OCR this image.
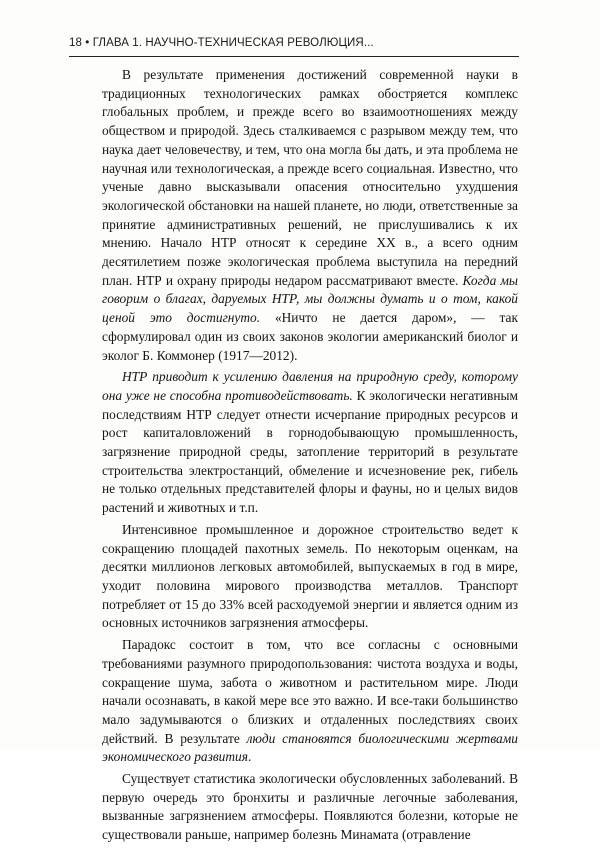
18 • ГЛАВА 1. НАУЧНО-ТЕХНИЧЕСКАЯ РЕВОЛЮЦИЯ...

В результате применения достижений современной науки в традиционных технологических рамках обостряется комплекс глобальных проблем, и прежде всего во взаимоотношениях между обществом и природой. Здесь сталкиваемся с разрывом между тем, что наука дает человечеству, и тем, что она могла бы дать, и эта проблема не научная или технологическая, а прежде всего социальная. Известно, что ученые давно высказывали опасения относительно ухудшения экологической обстановки на нашей планете, но люди, ответственные за принятие административных решений, не прислушивались к их мнению. Начало НТР относят к середине XX в., а всего одним десятилетием позже экологическая проблема выступила на передний план. НТР и охрану природы недаром рассматривают вместе. Когда мы говорим о благах, даруемых НТР, мы должны думать и о том, какой ценой это достигнуто. «Ничто не дается даром», — так сформулировал один из своих законов экологии американский биолог и эколог Б. Коммонер (1917—2012).

НТР приводит к усилению давления на природную среду, которому она уже не способна противодействовать. К экологически негативным последствиям НТР следует отнести исчерпание природных ресурсов и рост капиталовложений в горнодобывающую промышленность, загрязнение природной среды, затопление территорий в результате строительства электростанций, обмеление и исчезновение рек, гибель не только отдельных представителей флоры и фауны, но и целых видов растений и животных и т.п.

Интенсивное промышленное и дорожное строительство ведет к сокращению площадей пахотных земель. По некоторым оценкам, на десятки миллионов легковых автомобилей, выпускаемых в год в мире, уходит половина мирового производства металлов. Транспорт потребляет от 15 до 33% всей расходуемой энергии и является одним из основных источников загрязнения атмосферы.

Парадокс состоит в том, что все согласны с основными требованиями разумного природопользования: чистота воздуха и воды, сокращение шума, забота о животном и растительном мире. Люди начали осознавать, в какой мере все это важно. И все-таки большинство мало задумываются о близких и отдаленных последствиях своих действий. В результате люди становятся биологическими жертвами экономического развития.

Существует статистика экологически обусловленных заболеваний. В первую очередь это бронхиты и различные легочные заболевания, вызванные загрязнением атмосферы. Появляются болезни, которые не существовали раньше, например болезнь Минамата (отравление
